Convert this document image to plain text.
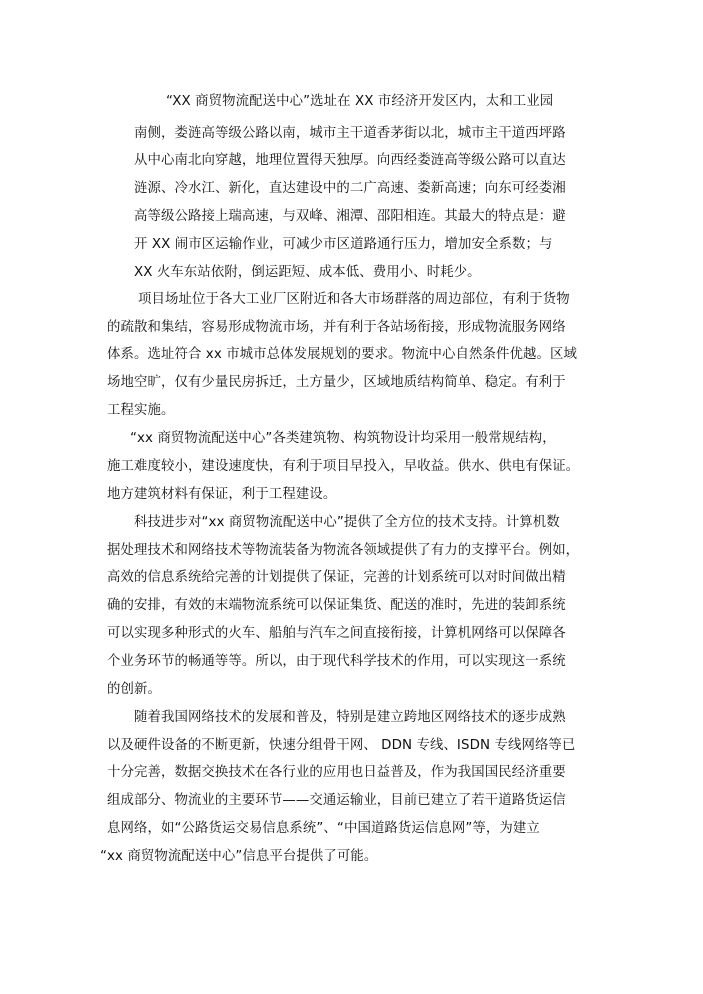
“XX 商贸物流配送中心”选址在 XX 市经济开发区内，太和工业园
南侧，娄涟高等级公路以南，城市主干道香茅街以北，城市主干道西坪路
从中心南北向穿越，地理位置得天独厚。向西经娄涟高等级公路可以直达
涟源、冷水江、新化，直达建设中的二广高速、娄新高速；向东可经娄湘
高等级公路接上瑞高速，与双峰、湘潭、邵阳相连。其最大的特点是：避
开 XX 闹市区运输作业，可减少市区道路通行压力，增加安全系数；与
XX 火车东站依附，倒运距短、成本低、费用小、时耗少。
项目场址位于各大工业厂区附近和各大市场群落的周边部位，有利于货物
的疏散和集结，容易形成物流市场，并有利于各站场衔接，形成物流服务网络
体系。选址符合 xx 市城市总体发展规划的要求。物流中心自然条件优越。区域
场地空旷，仅有少量民房拆迁，土方量少，区域地质结构简单、稳定。有利于
工程实施。
“xx 商贸物流配送中心”各类建筑物、构筑物设计均采用一般常规结构，
施工难度较小，建设速度快，有利于项目早投入，早收益。供水、供电有保证。
地方建筑材料有保证，利于工程建设。
科技进步对“xx 商贸物流配送中心”提供了全方位的技术支持。计算机数
据处理技术和网络技术等物流装备为物流各领域提供了有力的支撑平台。例如，
高效的信息系统给完善的计划提供了保证，完善的计划系统可以对时间做出精
确的安排，有效的末端物流系统可以保证集货、配送的准时，先进的装卸系统
可以实现多种形式的火车、船舶与汽车之间直接衔接，计算机网络可以保障各
个业务环节的畅通等等。所以，由于现代科学技术的作用，可以实现这一系统
的创新。
随着我国网络技术的发展和普及，特别是建立跨地区网络技术的逐步成熟
以及硬件设备的不断更新，快速分组骨干网、 DDN 专线、ISDN 专线网络等已
十分完善，数据交换技术在各行业的应用也日益普及，作为我国国民经济重要
组成部分、物流业的主要环节——交通运输业，目前已建立了若干道路货运信
息网络，如“公路货运交易信息系统”、“中国道路货运信息网”等，为建立
“xx 商贸物流配送中心”信息平台提供了可能。
